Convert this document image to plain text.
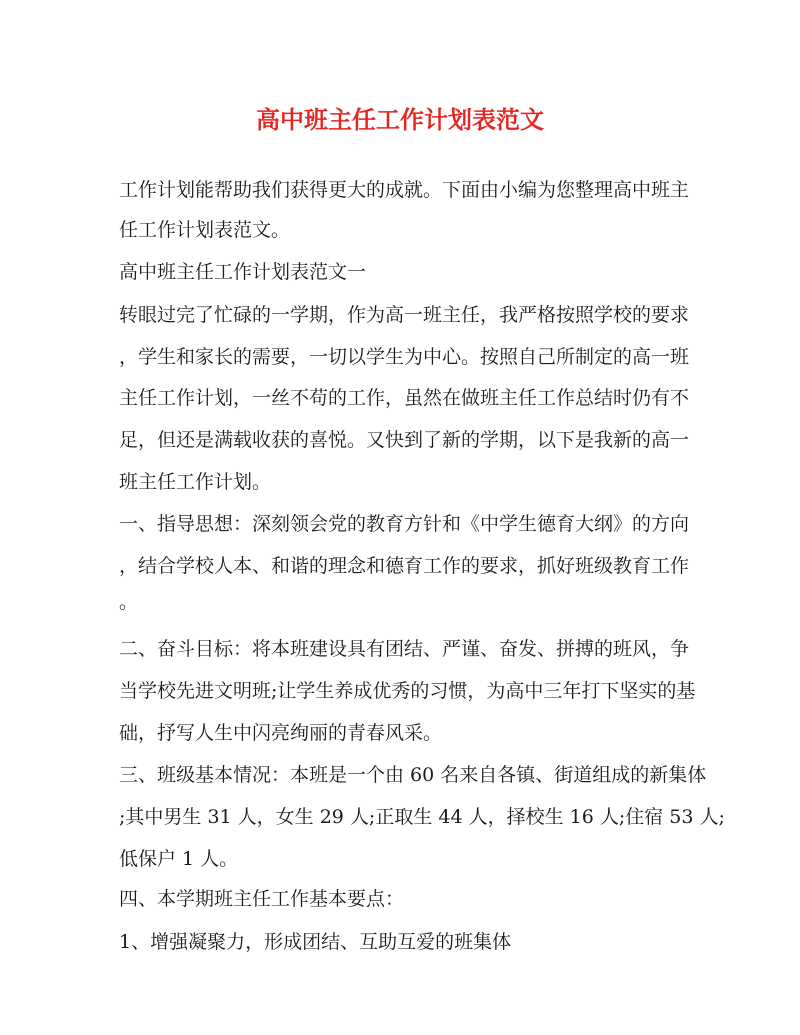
高中班主任工作计划表范文
工作计划能帮助我们获得更大的成就。下面由小编为您整理高中班主
任工作计划表范文。
高中班主任工作计划表范文一
转眼过完了忙碌的一学期，作为高一班主任，我严格按照学校的要求
，学生和家长的需要，一切以学生为中心。按照自己所制定的高一班
主任工作计划，一丝不苟的工作，虽然在做班主任工作总结时仍有不
足，但还是满载收获的喜悦。又快到了新的学期，以下是我新的高一
班主任工作计划。
一、指导思想：深刻领会党的教育方针和《中学生德育大纲》的方向
，结合学校人本、和谐的理念和德育工作的要求，抓好班级教育工作
。
二、奋斗目标：将本班建设具有团结、严谨、奋发、拼搏的班风，争
当学校先进文明班;让学生养成优秀的习惯，为高中三年打下坚实的基
础，抒写人生中闪亮绚丽的青春风采。
三、班级基本情况：本班是一个由 60 名来自各镇、街道组成的新集体
;其中男生 31 人，女生 29 人;正取生 44 人，择校生 16 人;住宿 53 人;
低保户 1 人。
四、本学期班主任工作基本要点：
1、增强凝聚力，形成团结、互助互爱的班集体
